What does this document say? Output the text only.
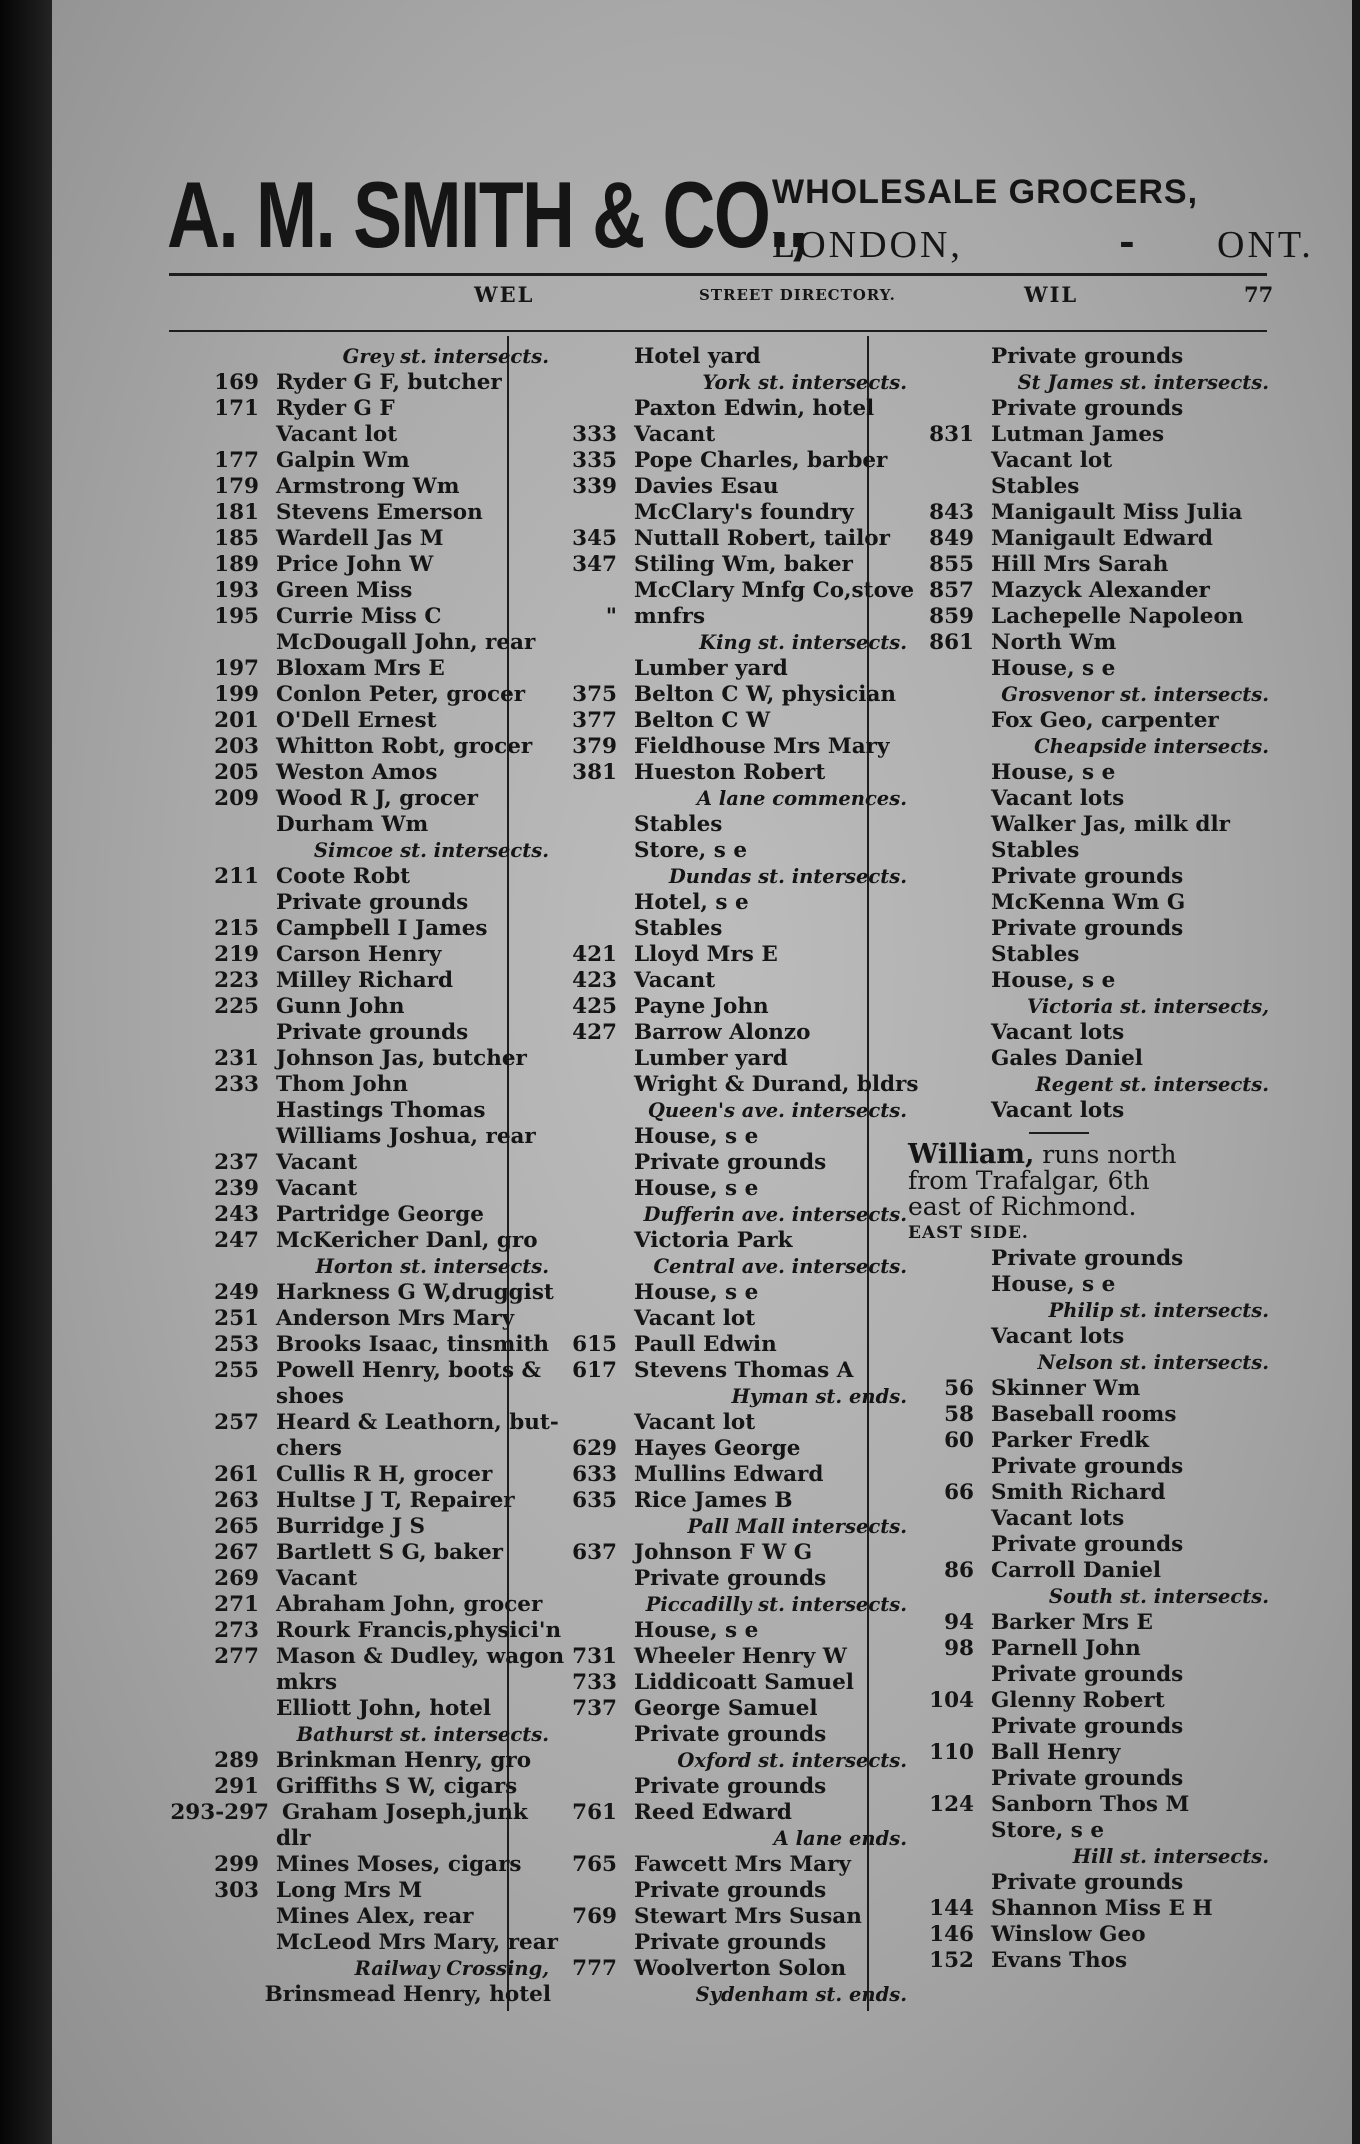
A. M. SMITH & CO.,
WHOLESALE GROCERS,
LONDON,	- ONT.
WEL	STREET DIRECTORY.	WIL	77
Grey st. intersects.
169 Ryder G F, butcher
171 Ryder G F
Vacant lot
177 Galpin Wm
179 Armstrong Wm
181 Stevens Emerson
185 Wardell Jas M
189 Price John W
193 Green Miss
195 Currie Miss C
McDougall John, rear
197 Bloxam Mrs E
199 Conlon Peter, grocer
201 O'Dell Ernest
203 Whitton Robt, grocer
205 Weston Amos
209 Wood R J, grocer
Durham Wm
Simcoe st. intersects.
211 Coote Robt
Private grounds
215 Campbell I James
219 Carson Henry
223 Milley Richard
225 Gunn John
Private grounds
231 Johnson Jas, butcher
233 Thom John
Hastings Thomas
Williams Joshua, rear
237 Vacant
239 Vacant
243 Partridge George
247 McKericher Danl, gro
Horton st. intersects.
249 Harkness G W,druggist
251 Anderson Mrs Mary
253 Brooks Isaac, tinsmith
255 Powell Henry, boots &
shoes
257 Heard & Leathorn, but-
chers
261 Cullis R H, grocer
263 Hultse J T, Repairer
265 Burridge J S
267 Bartlett S G, baker
269 Vacant
271 Abraham John, grocer
273 Rourk Francis,physici'n
277 Mason & Dudley, wagon
mkrs
Elliott John, hotel
Bathurst st. intersects.
289 Brinkman Henry, gro
291 Griffiths S W, cigars
293-297 Graham Joseph,junk
dlr
299 Mines Moses, cigars
303 Long Mrs M
Mines Alex, rear
McLeod Mrs Mary, rear
Railway Crossing,
Brinsmead Henry, hotel
Hotel yard
York st. intersects.
Paxton Edwin, hotel
333 Vacant
335 Pope Charles, barber
339 Davies Esau
McClary's foundry
345 Nuttall Robert, tailor
347 Stiling Wm, baker
McClary Mnfg Co,stove
" mnfrs
King st. intersects.
Lumber yard
375 Belton C W, physician
377 Belton C W
379 Fieldhouse Mrs Mary
381 Hueston Robert
A lane commences.
Stables
Store, s e
Dundas st. intersects.
Hotel, s e
Stables
421 Lloyd Mrs E
423 Vacant
425 Payne John
427 Barrow Alonzo
Lumber yard
Wright & Durand, bldrs
Queen's ave. intersects.
House, s e
Private grounds
House, s e
Dufferin ave. intersects.
Victoria Park
Central ave. intersects.
House, s e
Vacant lot
615 Paull Edwin
617 Stevens Thomas A
Hyman st. ends.
Vacant lot
629 Hayes George
633 Mullins Edward
635 Rice James B
Pall Mall intersects.
637 Johnson F W G
Private grounds
Piccadilly st. intersects.
House, s e
731 Wheeler Henry W
733 Liddicoatt Samuel
737 George Samuel
Private grounds
Oxford st. intersects.
Private grounds
761 Reed Edward
A lane ends.
765 Fawcett Mrs Mary
Private grounds
769 Stewart Mrs Susan
Private grounds
777 Woolverton Solon
Sydenham st. ends.
Private grounds
St James st. intersects.
Private grounds
831 Lutman James
Vacant lot
Stables
843 Manigault Miss Julia
849 Manigault Edward
855 Hill Mrs Sarah
857 Mazyck Alexander
859 Lachepelle Napoleon
861 North Wm
House, s e
Grosvenor st. intersects.
Fox Geo, carpenter
Cheapside intersects.
House, s e
Vacant lots
Walker Jas, milk dlr
Stables
Private grounds
McKenna Wm G
Private grounds
Stables
House, s e
Victoria st. intersects,
Vacant lots
Gales Daniel
Regent st. intersects.
Vacant lots
William, runs north
from Trafalgar, 6th
east of Richmond.
EAST SIDE.
Private grounds
House, s e
Philip st. intersects.
Vacant lots
Nelson st. intersects.
56 Skinner Wm
58 Baseball rooms
60 Parker Fredk
Private grounds
66 Smith Richard
Vacant lots
Private grounds
86 Carroll Daniel
South st. intersects.
94 Barker Mrs E
98 Parnell John
Private grounds
104 Glenny Robert
Private grounds
110 Ball Henry
Private grounds
124 Sanborn Thos M
Store, s e
Hill st. intersects.
Private grounds
144 Shannon Miss E H
146 Winslow Geo
152 Evans Thos
